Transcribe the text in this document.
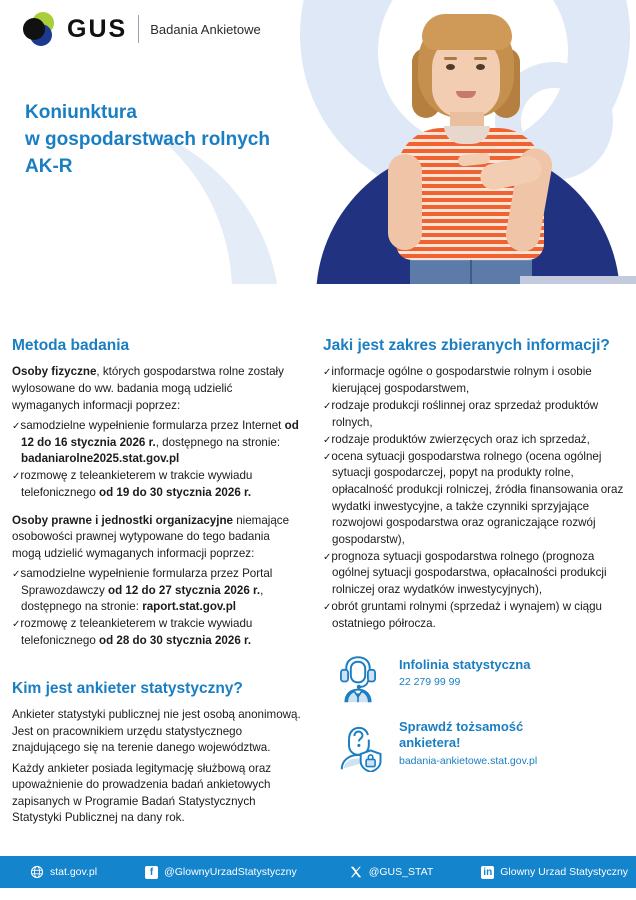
GUS Badania Ankietowe
Koniunktura
w gospodarstwach rolnych
AK-R
Metoda badania

Osoby fizyczne, których gospodarstwa rolne zostały wylosowane do ww. badania mogą udzielić wymaganych informacji poprzez:

✓samodzielne wypełnienie formularza przez Internet od 12 do 16 stycznia 2026 r., dostępnego na stronie: badaniarolne2025.stat.gov.pl
✓rozmowę z teleankieterem w trakcie wywiadu telefonicznego od 19 do 30 stycznia 2026 r.

Osoby prawne i jednostki organizacyjne niemające osobowości prawnej wytypowane do tego badania mogą udzielić wymaganych informacji poprzez:

✓samodzielne wypełnienie formularza przez Portal Sprawozdawczy od 12 do 27 stycznia 2026 r., dostępnego na stronie: raport.stat.gov.pl
✓rozmowę z teleankieterem w trakcie wywiadu telefonicznego od 28 do 30 stycznia 2026 r.
Kim jest ankieter statystyczny?

Ankieter statystyki publicznej nie jest osobą anonimową. Jest on pracownikiem urzędu statystycznego znajdującego się na terenie danego województwa.

Każdy ankieter posiada legitymację służbową oraz upoważnienie do prowadzenia badań ankietowych zapisanych w Programie Badań Statystycznych Statystyki Publicznej na dany rok.

Jaki jest zakres zbieranych informacji?
✓informacje ogólne o gospodarstwie rolnym i osobie kierującej gospodarstwem,
✓rodzaje produkcji roślinnej oraz sprzedaż produktów rolnych,
✓rodzaje produktów zwierzęcych oraz ich sprzedaż,
✓ocena sytuacji gospodarstwa rolnego (ocena ogólnej sytuacji gospodarczej, popyt na produkty rolne, opłacalność produkcji rolniczej, źródła finansowania oraz wydatki inwestycyjne, a także czynniki sprzyjające rozwojowi gospodarstwa oraz ograniczające rozwój gospodarstw),
✓prognoza sytuacji gospodarstwa rolnego (prognoza ogólnej sytuacji gospodarstwa, opłacalności produkcji rolniczej oraz wydatków inwestycyjnych),
✓obrót gruntami rolnymi (sprzedaż i wynajem) w ciągu ostatniego półrocza.

Infolinia statystyczna

22 279 99 99

Sprawdź tożsamość

ankietera!

badania-ankietowe.stat.gov.pl

stat.gov.pl	f	@GlownyUrzadStatystyczny	@GUS_STAT	in Glowny Urzad Statystyczny
